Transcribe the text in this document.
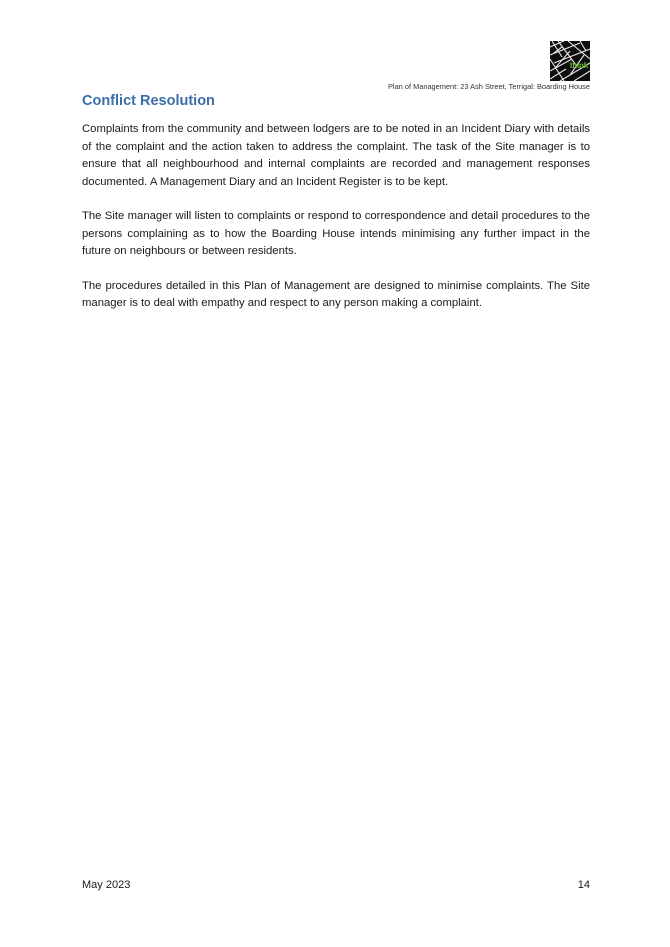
think
Plan of Management: 23 Ash Street, Terrigal: Boarding House
Conflict Resolution

Complaints from the community and between lodgers are to be noted in an Incident Diary with details of the complaint and the action taken to address the complaint. The task of the Site manager is to ensure that all neighbourhood and internal complaints are recorded and management responses documented. A Management Diary and an Incident Register is to be kept.

The Site manager will listen to complaints or respond to correspondence and detail procedures to the persons complaining as to how the Boarding House intends minimising any further impact in the future on neighbours or between residents.

The procedures detailed in this Plan of Management are designed to minimise complaints. The Site manager is to deal with empathy and respect to any person making a complaint.

May 2023	14
